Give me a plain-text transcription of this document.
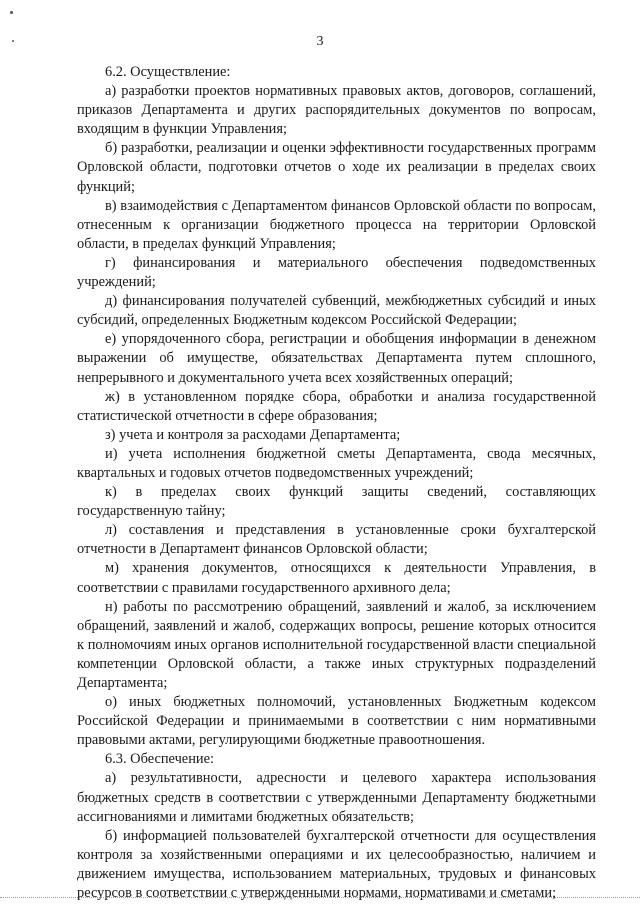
3

6.2. Осуществление:

а) разработки проектов нормативных правовых актов, договоров, соглашений, приказов Департамента и других распорядительных документов по вопросам, входящим в функции Управления;

б) разработки, реализации и оценки эффективности государственных программ Орловской области, подготовки отчетов о ходе их реализации в пределах своих функций;

в) взаимодействия с Департаментом финансов Орловской области по вопросам, отнесенным к организации бюджетного процесса на территории Орловской области, в пределах функций Управления;

г) финансирования и материального обеспечения подведомственных учреждений;

д) финансирования получателей субвенций, межбюджетных субсидий и иных субсидий, определенных Бюджетным кодексом Российской Федерации;

е) упорядоченного сбора, регистрации и обобщения информации в денежном выражении об имуществе, обязательствах Департамента путем сплошного, непрерывного и документального учета всех хозяйственных операций;

ж) в установленном порядке сбора, обработки и анализа государственной статистической отчетности в сфере образования;

з) учета и контроля за расходами Департамента;

и) учета исполнения бюджетной сметы Департамента, свода месячных, квартальных и годовых отчетов подведомственных учреждений;

к) в пределах своих функций защиты сведений, составляющих государственную тайну;

л) составления и представления в установленные сроки бухгалтерской отчетности в Департамент финансов Орловской области;

м) хранения документов, относящихся к деятельности Управления, в соответствии с правилами государственного архивного дела;

н) работы по рассмотрению обращений, заявлений и жалоб, за исключением обращений, заявлений и жалоб, содержащих вопросы, решение которых относится к полномочиям иных органов исполнительной государственной власти специальной компетенции Орловской области, а также иных структурных подразделений Департамента;

о) иных бюджетных полномочий, установленных Бюджетным кодексом Российской Федерации и принимаемыми в соответствии с ним нормативными правовыми актами, регулирующими бюджетные правоотношения.

6.3. Обеспечение:

а) результативности, адресности и целевого характера использования бюджетных средств в соответствии с утвержденными Департаменту бюджетными ассигнованиями и лимитами бюджетных обязательств;

б) информацией пользователей бухгалтерской отчетности для осуществления контроля за хозяйственными операциями и их целесообразностью, наличием и движением имущества, использованием материальных, трудовых и финансовых ресурсов в соответствии с утвержденными нормами, нормативами и сметами;
